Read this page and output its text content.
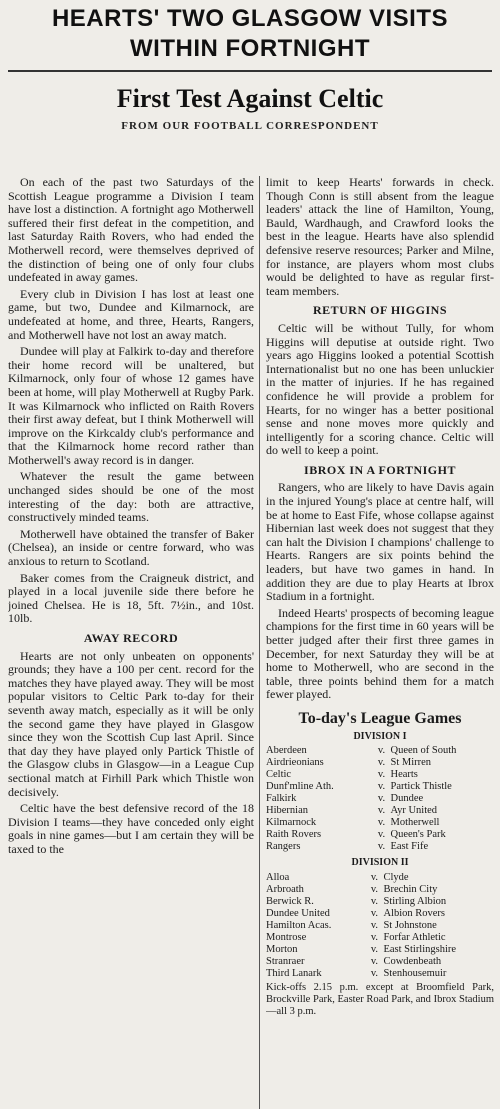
HEARTS' TWO GLASGOW VISITS
WITHIN FORTNIGHT
First Test Against Celtic
FROM OUR FOOTBALL CORRESPONDENT

On each of the past two Saturdays of the Scottish League programme a Division I team have lost a distinction. A fortnight ago Motherwell suffered their first defeat in the competition, and last Saturday Raith Rovers, who had ended the Motherwell record, were themselves deprived of the distinction of being one of only four clubs undefeated in away games.

Every club in Division I has lost at least one game, but two, Dundee and Kilmarnock, are undefeated at home, and three, Hearts, Rangers, and Motherwell have not lost an away match.

Dundee will play at Falkirk to-day and therefore their home record will be unaltered, but Kilmarnock, only four of whose 12 games have been at home, will play Motherwell at Rugby Park. It was Kilmarnock who inflicted on Raith Rovers their first away defeat, but I think Motherwell will improve on the Kirkcaldy club's performance and that the Kilmarnock home record rather than Motherwell's away record is in danger.

Whatever the result the game between unchanged sides should be one of the most interesting of the day: both are attractive, constructively minded teams.

Motherwell have obtained the transfer of Baker (Chelsea), an inside or centre forward, who was anxious to return to Scotland.

Baker comes from the Craigneuk district, and played in a local juvenile side there before he joined Chelsea. He is 18, 5ft. 7½in., and 10st. 10lb.

AWAY RECORD

Hearts are not only unbeaten on opponents' grounds; they have a 100 per cent. record for the matches they have played away. They will be most popular visitors to Celtic Park to-day for their seventh away match, especially as it will be only the second game they have played in Glasgow since they won the Scottish Cup last April. Since that day they have played only Partick Thistle of the Glasgow clubs in Glasgow—in a League Cup sectional match at Firhill Park which Thistle won decisively.

Celtic have the best defensive record of the 18 Division I teams—they have conceded only eight goals in nine games—but I am certain they will be taxed to the

limit to keep Hearts' forwards in check. Though Conn is still absent from the league leaders' attack the line of Hamilton, Young, Bauld, Wardhaugh, and Crawford looks the best in the league. Hearts have also splendid defensive reserve resources; Parker and Milne, for instance, are players whom most clubs would be delighted to have as regular first-team members.

RETURN OF HIGGINS

Celtic will be without Tully, for whom Higgins will deputise at outside right. Two years ago Higgins looked a potential Scottish Internationalist but no one has been unluckier in the matter of injuries. If he has regained confidence he will provide a problem for Hearts, for no winger has a better positional sense and none moves more quickly and intelligently for a scoring chance. Celtic will do well to keep a point.

IBROX IN A FORTNIGHT

Rangers, who are likely to have Davis again in the injured Young's place at centre half, will be at home to East Fife, whose collapse against Hibernian last week does not suggest that they can halt the Division I champions' challenge to Hearts. Rangers are six points behind the leaders, but have two games in hand. In addition they are due to play Hearts at Ibrox Stadium in a fortnight.

Indeed Hearts' prospects of becoming league champions for the first time in 60 years will be better judged after their first three games in December, for next Saturday they will be at home to Motherwell, who are second in the table, three points behind them for a match fewer played.

To-day's League Games
DIVISION I
Aberdeen	v.	Queen of South
Airdrieonians	v.	St Mirren
Celtic	v.	Hearts
Dunf'mline Ath.	v.	Partick Thistle
Falkirk	v.	Dundee
Hibernian	v.	Ayr United
Kilmarnock	v.	Motherwell
Raith Rovers	v.	Queen's Park
Rangers	v.	East Fife
DIVISION II
Alloa	v.	Clyde
Arbroath	v.	Brechin City
Berwick R.	v.	Stirling Albion
Dundee United	v.	Albion Rovers
Hamilton Acas.	v.	St Johnstone
Montrose	v.	Forfar Athletic
Morton	v.	East Stirlingshire
Stranraer	v.	Cowdenbeath
Third Lanark	v.	Stenhousemuir
Kick-offs 2.15 p.m. except at Broomfield Park, Brockville Park, Easter Road Park, and Ibrox Stadium—all 3 p.m.
